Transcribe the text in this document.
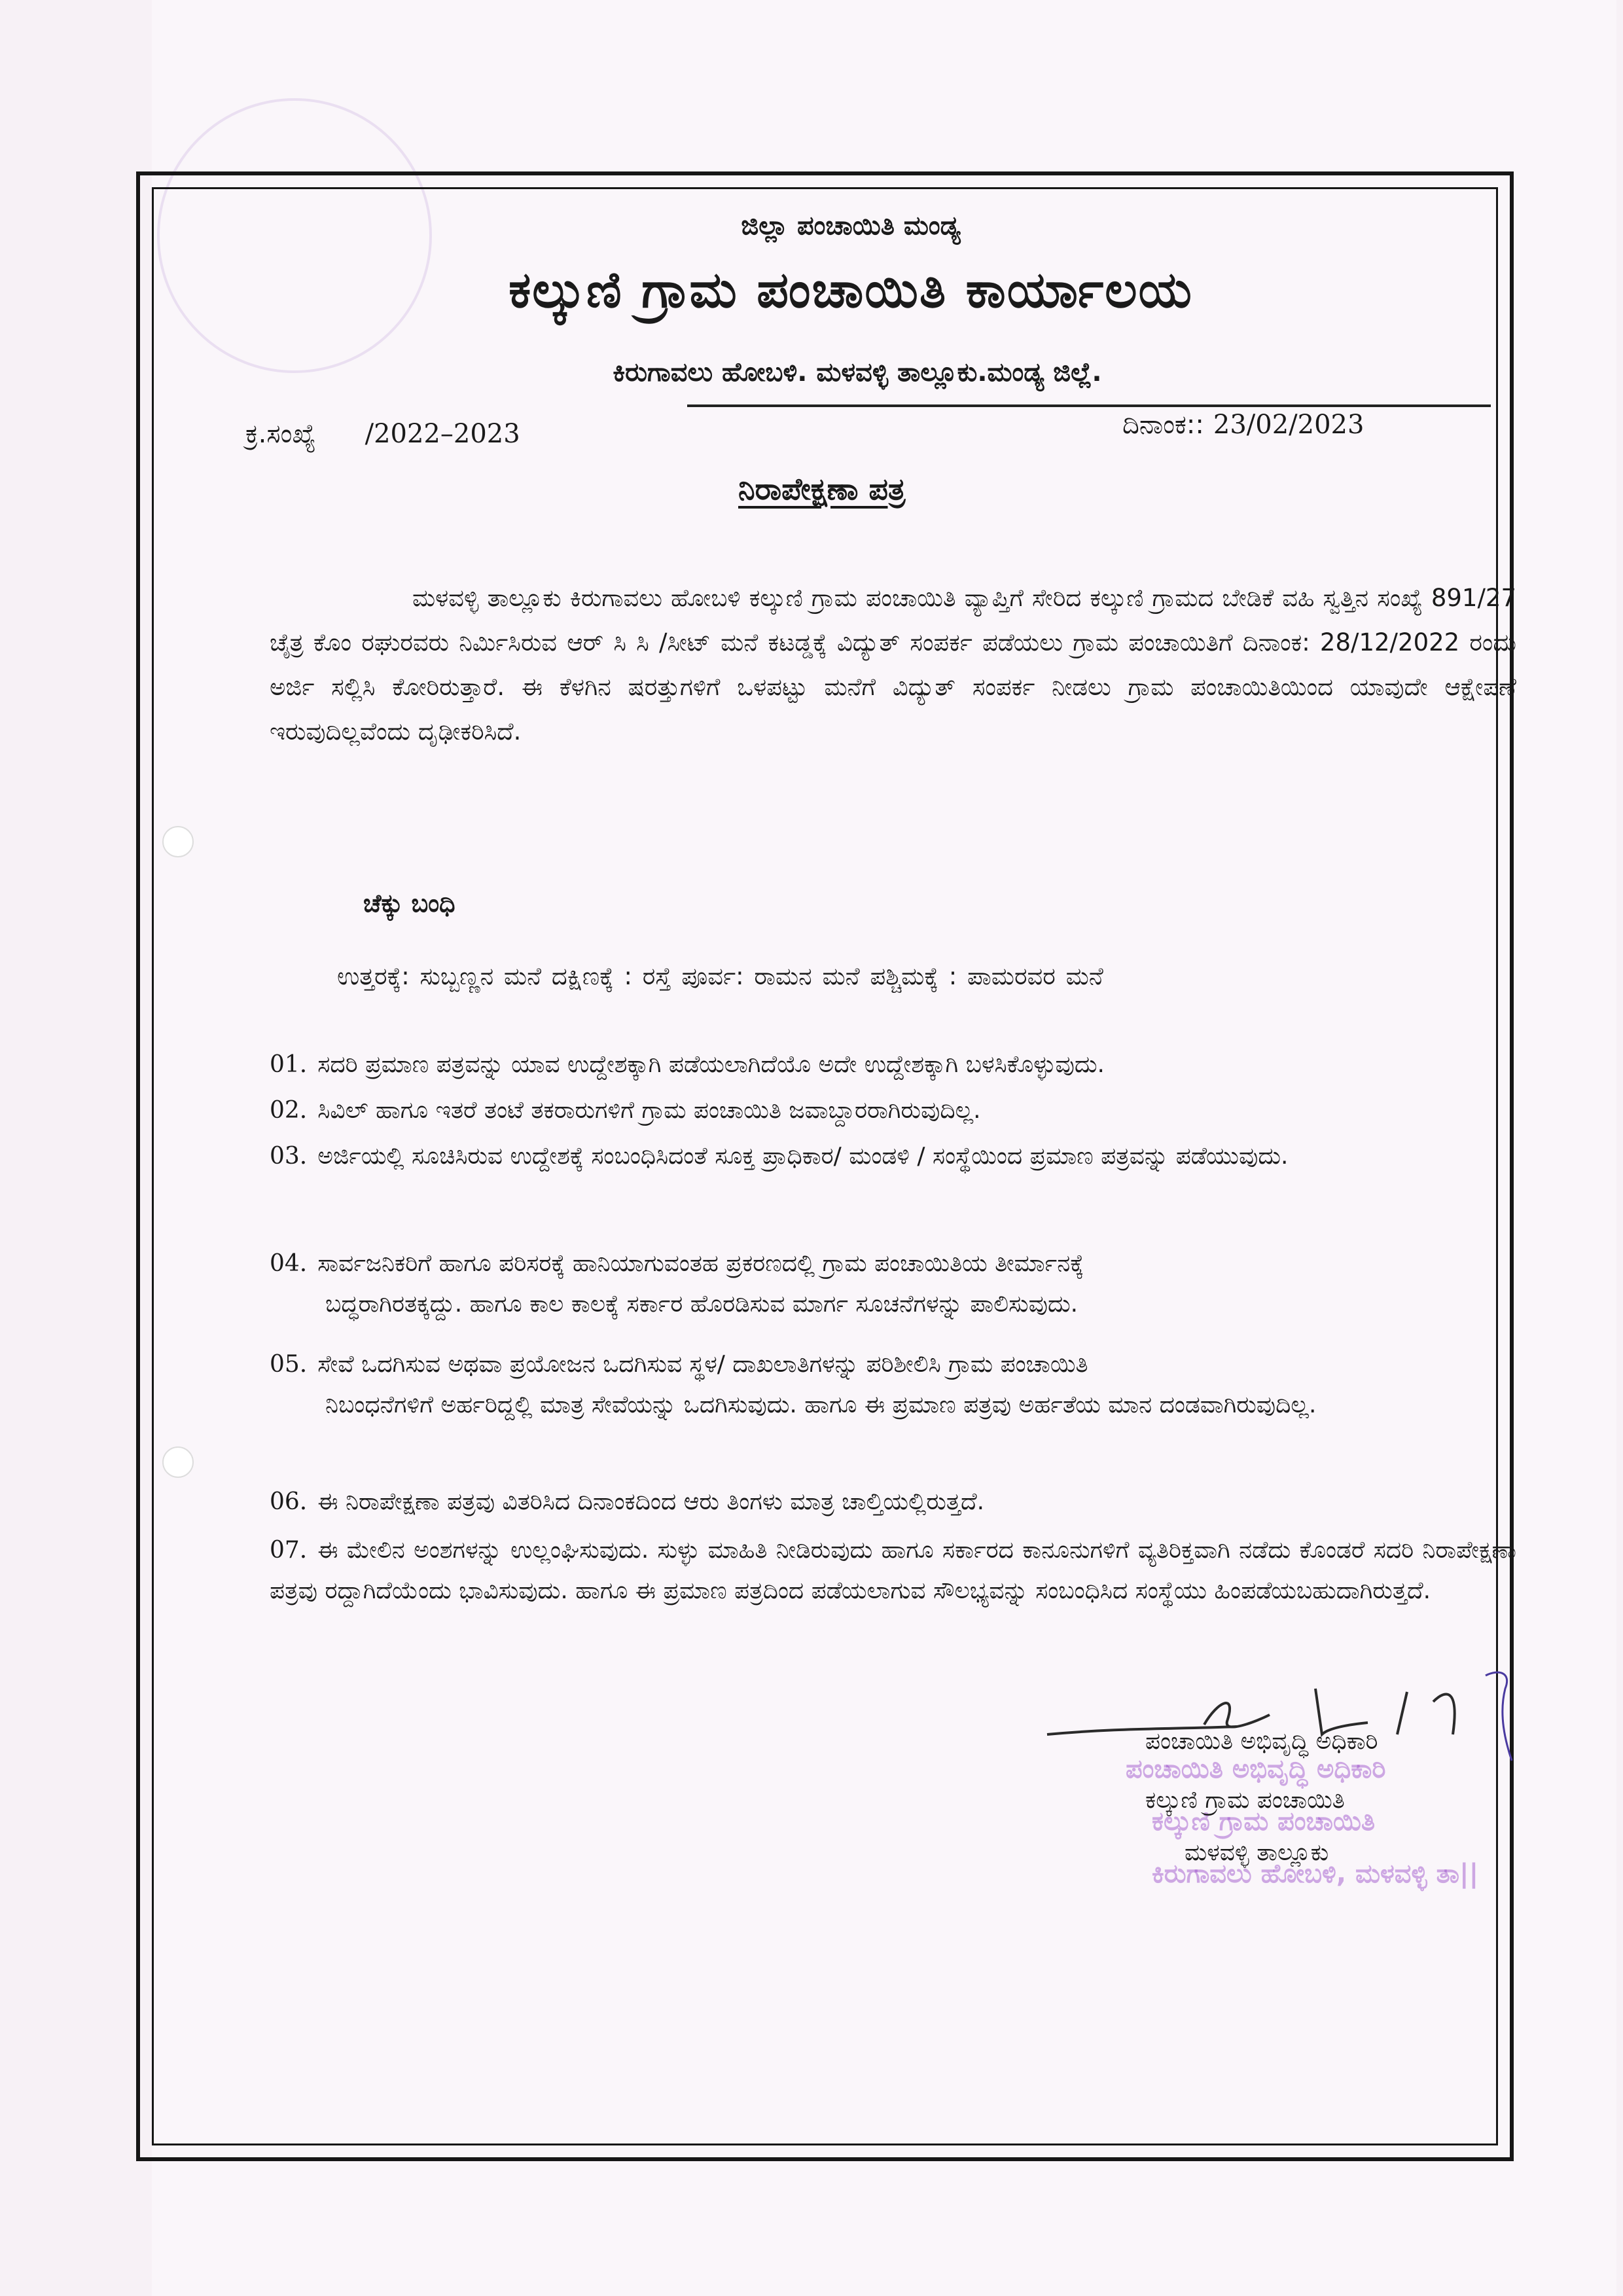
ಜಿಲ್ಲಾ ಪಂಚಾಯಿತಿ ಮಂಡ್ಯ
ಕಲ್ಕುಣಿ ಗ್ರಾಮ ಪಂಚಾಯಿತಿ ಕಾರ್ಯಾಲಯ
ಕಿರುಗಾವಲು ಹೋಬಳಿ. ಮಳವಳ್ಳಿ ತಾಲ್ಲೂಕು.ಮಂಡ್ಯ ಜಿಲ್ಲೆ.
ಕ್ರ.ಸಂಖ್ಯೆ /2022–2023	ದಿನಾಂಕ:: 23/02/2023
ನಿರಾಪೇಕ್ಷಣಾ ಪತ್ರ
ಮಳವಳ್ಳಿ ತಾಲ್ಲೂಕು ಕಿರುಗಾವಲು ಹೋಬಳಿ ಕಲ್ಕುಣಿ ಗ್ರಾಮ ಪಂಚಾಯಿತಿ ವ್ಯಾಪ್ತಿಗೆ ಸೇರಿದ ಕಲ್ಕುಣಿ ಗ್ರಾಮದ ಬೇಡಿಕೆ ವಹಿ ಸ್ವತ್ತಿನ ಸಂಖ್ಯೆ 891/27 ಚೈತ್ರ ಕೊಂ ರಘುರವರು ನಿರ್ಮಿಸಿರುವ ಆರ್ ಸಿ ಸಿ /ಸೀಟ್ ಮನೆ ಕಟಡ್ಡಕ್ಕೆ ವಿದ್ಯುತ್ ಸಂಪರ್ಕ ಪಡೆಯಲು ಗ್ರಾಮ ಪಂಚಾಯಿತಿಗೆ ದಿನಾಂಕ: 28/12/2022 ರಂದು ಅರ್ಜಿ ಸಲ್ಲಿಸಿ ಕೋರಿರುತ್ತಾರೆ. ಈ ಕೆಳಗಿನ ಷರತ್ತುಗಳಿಗೆ ಒಳಪಟ್ಟು ಮನೆಗೆ ವಿದ್ಯುತ್ ಸಂಪರ್ಕ ನೀಡಲು ಗ್ರಾಮ ಪಂಚಾಯಿತಿಯಿಂದ ಯಾವುದೇ ಆಕ್ಷೇಪಣೆ ಇರುವುದಿಲ್ಲವೆಂದು ದೃಢೀಕರಿಸಿದೆ.
ಚೆಕ್ಕು ಬಂಧಿ
ಉತ್ತರಕ್ಕೆ: ಸುಬ್ಬಣ್ಣನ ಮನೆ ದಕ್ಷಿಣಕ್ಕೆ : ರಸ್ತೆ ಪೂರ್ವ: ರಾಮನ ಮನೆ ಪಶ್ಚಿಮಕ್ಕೆ : ಪಾಮರವರ ಮನೆ
01. ಸದರಿ ಪ್ರಮಾಣ ಪತ್ರವನ್ನು ಯಾವ ಉದ್ದೇಶಕ್ಕಾಗಿ ಪಡೆಯಲಾಗಿದೆಯೊ ಅದೇ ಉದ್ದೇಶಕ್ಕಾಗಿ ಬಳಸಿಕೊಳ್ಳುವುದು.
02. ಸಿವಿಲ್ ಹಾಗೂ ಇತರೆ ತಂಟೆ ತಕರಾರುಗಳಿಗೆ ಗ್ರಾಮ ಪಂಚಾಯಿತಿ ಜವಾಬ್ದಾರರಾಗಿರುವುದಿಲ್ಲ.
03. ಅರ್ಜಿಯಲ್ಲಿ ಸೂಚಿಸಿರುವ ಉದ್ದೇಶಕ್ಕೆ ಸಂಬಂಧಿಸಿದಂತೆ ಸೂಕ್ತ ಪ್ರಾಧಿಕಾರ/ ಮಂಡಳಿ / ಸಂಸ್ಥೆಯಿಂದ ಪ್ರಮಾಣ ಪತ್ರವನ್ನು ಪಡೆಯುವುದು.
04. ಸಾರ್ವಜನಿಕರಿಗೆ ಹಾಗೂ ಪರಿಸರಕ್ಕೆ ಹಾನಿಯಾಗುವಂತಹ ಪ್ರಕರಣದಲ್ಲಿ ಗ್ರಾಮ ಪಂಚಾಯಿತಿಯ ತೀರ್ಮಾನಕ್ಕೆ
ಬದ್ಧರಾಗಿರತಕ್ಕದ್ದು. ಹಾಗೂ ಕಾಲ ಕಾಲಕ್ಕೆ ಸರ್ಕಾರ ಹೊರಡಿಸುವ ಮಾರ್ಗ ಸೂಚನೆಗಳನ್ನು ಪಾಲಿಸುವುದು.
05. ಸೇವೆ ಒದಗಿಸುವ ಅಥವಾ ಪ್ರಯೋಜನ ಒದಗಿಸುವ ಸ್ಥಳ/ ದಾಖಲಾತಿಗಳನ್ನು ಪರಿಶೀಲಿಸಿ ಗ್ರಾಮ ಪಂಚಾಯಿತಿ
ನಿಬಂಧನೆಗಳಿಗೆ ಅರ್ಹರಿದ್ದಲ್ಲಿ ಮಾತ್ರ ಸೇವೆಯನ್ನು ಒದಗಿಸುವುದು. ಹಾಗೂ ಈ ಪ್ರಮಾಣ ಪತ್ರವು ಅರ್ಹತೆಯ ಮಾನ ದಂಡವಾಗಿರುವುದಿಲ್ಲ.
06. ಈ ನಿರಾಪೇಕ್ಷಣಾ ಪತ್ರವು ವಿತರಿಸಿದ ದಿನಾಂಕದಿಂದ ಆರು ತಿಂಗಳು ಮಾತ್ರ ಚಾಲ್ತಿಯಲ್ಲಿರುತ್ತದೆ.
07. ಈ ಮೇಲಿನ ಅಂಶಗಳನ್ನು ಉಲ್ಲಂಘಿಸುವುದು. ಸುಳ್ಳು ಮಾಹಿತಿ ನೀಡಿರುವುದು ಹಾಗೂ ಸರ್ಕಾರದ ಕಾನೂನುಗಳಿಗೆ ವ್ಯತಿರಿಕ್ತವಾಗಿ ನಡೆದು ಕೊಂಡರೆ ಸದರಿ ನಿರಾಪೇಕ್ಷಣಾ ಪತ್ರವು ರದ್ದಾಗಿದೆಯೆಂದು ಭಾವಿಸುವುದು. ಹಾಗೂ ಈ ಪ್ರಮಾಣ ಪತ್ರದಿಂದ ಪಡೆಯಲಾಗುವ ಸೌಲಭ್ಯವನ್ನು ಸಂಬಂಧಿಸಿದ ಸಂಸ್ಥೆಯು ಹಿಂಪಡೆಯಬಹುದಾಗಿರುತ್ತದೆ.
ಪಂಚಾಯಿತಿ ಅಭಿವೃದ್ಧಿ ಅಧಿಕಾರಿ
ಕಲ್ಕುಣಿ ಗ್ರಾಮ ಪಂಚಾಯಿತಿ
ಕಿರುಗಾವಲು ಹೋಬಳಿ, ಮಳವಳ್ಳಿ ತಾ||
ಪಂಚಾಯಿತಿ ಅಭಿವೃದ್ಧಿ ಅಧಿಕಾರಿ
ಕಲ್ಕುಣಿ ಗ್ರಾಮ ಪಂಚಾಯಿತಿ
ಮಳವಳ್ಳಿ ತಾಲ್ಲೂಕು
